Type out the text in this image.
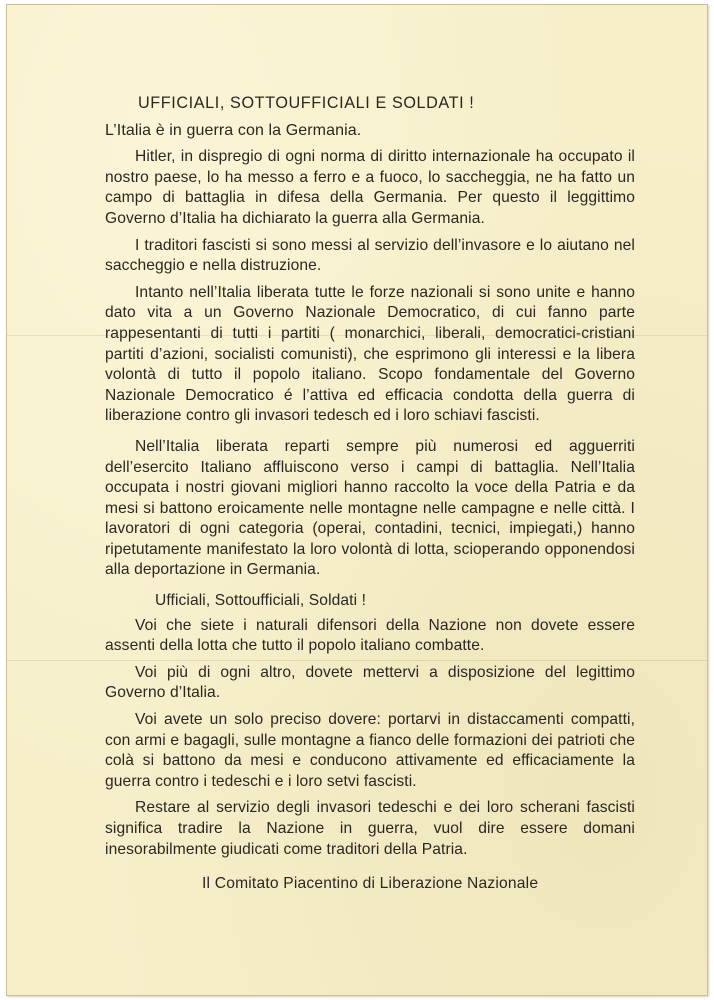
UFFICIALI, SOTTOUFFICIALI E SOLDATI !

L’Italia è in guerra con la Germania.

Hitler, in dispregio di ogni norma di diritto internazionale ha occupato il nostro paese, lo ha messo a ferro e a fuoco, lo saccheggia, ne ha fatto un campo di battaglia in difesa della Germania. Per questo il leggittimo Governo d’Italia ha dichiarato la guerra alla Germania.

I traditori fascisti si sono messi al servizio dell’invasore e lo aiutano nel saccheggio e nella distruzione.

Intanto nell’Italia liberata tutte le forze nazionali si sono unite e hanno dato vita a un Governo Nazionale Democratico, di cui fanno parte rappesentanti di tutti i partiti ( monarchici, liberali, democratici-cristiani partiti d’azioni, socialisti comunisti), che esprimono gli interessi e la libera volontà di tutto il popolo italiano. Scopo fondamentale del Governo Nazionale Democratico é l’attiva ed efficacia condotta della guerra di liberazione contro gli invasori tedesch ed i loro schiavi fascisti.

Nell’Italia liberata reparti sempre più numerosi ed agguerriti dell’esercito Italiano affluiscono verso i campi di battaglia. Nell’Italia occupata i nostri giovani migliori hanno raccolto la voce della Patria e da mesi si battono eroicamente nelle montagne nelle campagne e nelle città. I lavoratori di ogni categoria (operai, contadini, tecnici, impiegati,) hanno ripetutamente manifestato la loro volontà di lotta, scioperando opponendosi alla deportazione in Germania.

Ufficiali, Sottoufficiali, Soldati !

Voi che siete i naturali difensori della Nazione non dovete essere assenti della lotta che tutto il popolo italiano combatte.

Voi più di ogni altro, dovete mettervi a disposizione del legittimo Governo d’Italia.

Voi avete un solo preciso dovere: portarvi in distaccamenti compatti, con armi e bagagli, sulle montagne a fianco delle formazioni dei patrioti che colà si battono da mesi e conducono attivamente ed efficaciamente la guerra contro i tedeschi e i loro setvi fascisti.

Restare al servizio degli invasori tedeschi e dei loro scherani fascisti significa tradire la Nazione in guerra, vuol dire essere domani inesorabilmente giudicati come traditori della Patria.

Il Comitato Piacentino di Liberazione Nazionale
